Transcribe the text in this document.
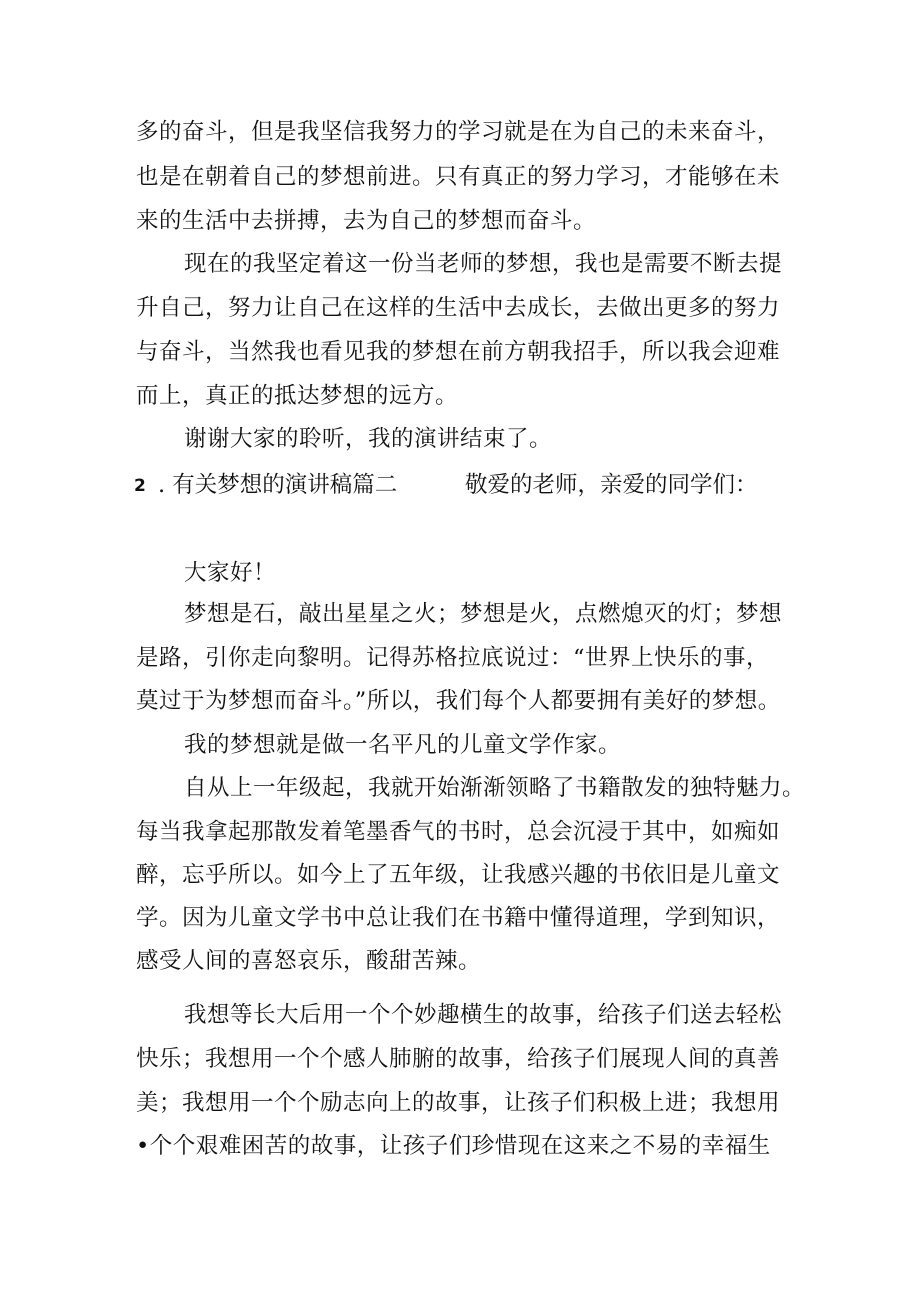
多的奋斗，但是我坚信我努力的学习就是在为自己的未来奋斗，
也是在朝着自己的梦想前进。只有真正的努力学习，才能够在未
来的生活中去拼搏，去为自己的梦想而奋斗。
现在的我坚定着这一份当老师的梦想，我也是需要不断去提
升自己，努力让自己在这样的生活中去成长，去做出更多的努力
与奋斗，当然我也看见我的梦想在前方朝我招手，所以我会迎难
而上，真正的抵达梦想的远方。
谢谢大家的聆听，我的演讲结束了。
2 . 有关梦想的演讲稿篇二	敬爱的老师，亲爱的同学们：
大家好！
梦想是石，敲出星星之火；梦想是火，点燃熄灭的灯；梦想
是路，引你走向黎明。记得苏格拉底说过：“世界上快乐的事，
莫过于为梦想而奋斗。”所以，我们每个人都要拥有美好的梦想。
我的梦想就是做一名平凡的儿童文学作家。
自从上一年级起，我就开始渐渐领略了书籍散发的独特魅力。
每当我拿起那散发着笔墨香气的书时，总会沉浸于其中，如痴如
醉，忘乎所以。如今上了五年级，让我感兴趣的书依旧是儿童文
学。因为儿童文学书中总让我们在书籍中懂得道理，学到知识，
感受人间的喜怒哀乐，酸甜苦辣。
我想等长大后用一个个妙趣横生的故事，给孩子们送去轻松
快乐；我想用一个个感人肺腑的故事，给孩子们展现人间的真善
美；我想用一个个励志向上的故事，让孩子们积极上进；我想用
•个个艰难困苦的故事，让孩子们珍惜现在这来之不易的幸福生
